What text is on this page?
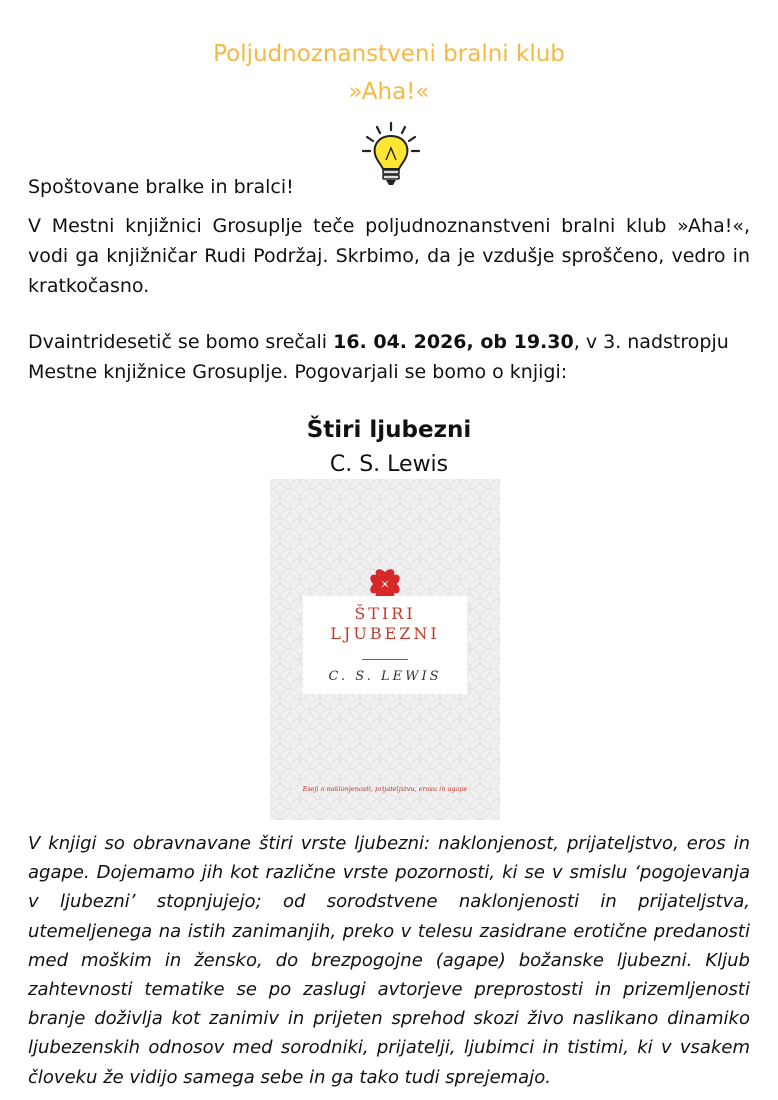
Poljudnoznanstveni bralni klub
»Aha!«
Spoštovane bralke in bralci!
V Mestni knjižnici Grosuplje teče poljudnoznanstveni bralni klub »Aha!«, vodi ga knjižničar Rudi Podržaj. Skrbimo, da je vzdušje sproščeno, vedro in kratkočasno.
Dvaintridesetič se bomo srečali 16. 04. 2026, ob 19.30, v 3. nadstropju Mestne knjižnice Grosuplje. Pogovarjali se bomo o knjigi:
Štiri ljubezni
C. S. Lewis
ŠTIRI
LJUBEZNI
C. S. LEWIS
Eseji o naklonjenosti, prijateljstvu, erosu in agape
V knjigi so obravnavane štiri vrste ljubezni: naklonjenost, prijateljstvo, eros in agape. Dojemamo jih kot različne vrste pozornosti, ki se v smislu ‘pogojevanja v ljubezni’ stopnjujejo; od sorodstvene naklonjenosti in prijateljstva, utemeljenega na istih zanimanjih, preko v telesu zasidrane erotične predanosti med moškim in žensko, do brezpogojne (agape) božanske ljubezni. Kljub zahtevnosti tematike se po zaslugi avtorjeve preprostosti in prizemljenosti branje doživlja kot zanimiv in prijeten sprehod skozi živo naslikano dinamiko ljubezenskih odnosov med sorodniki, prijatelji, ljubimci in tistimi, ki v vsakem človeku že vidijo samega sebe in ga tako tudi sprejemajo.
